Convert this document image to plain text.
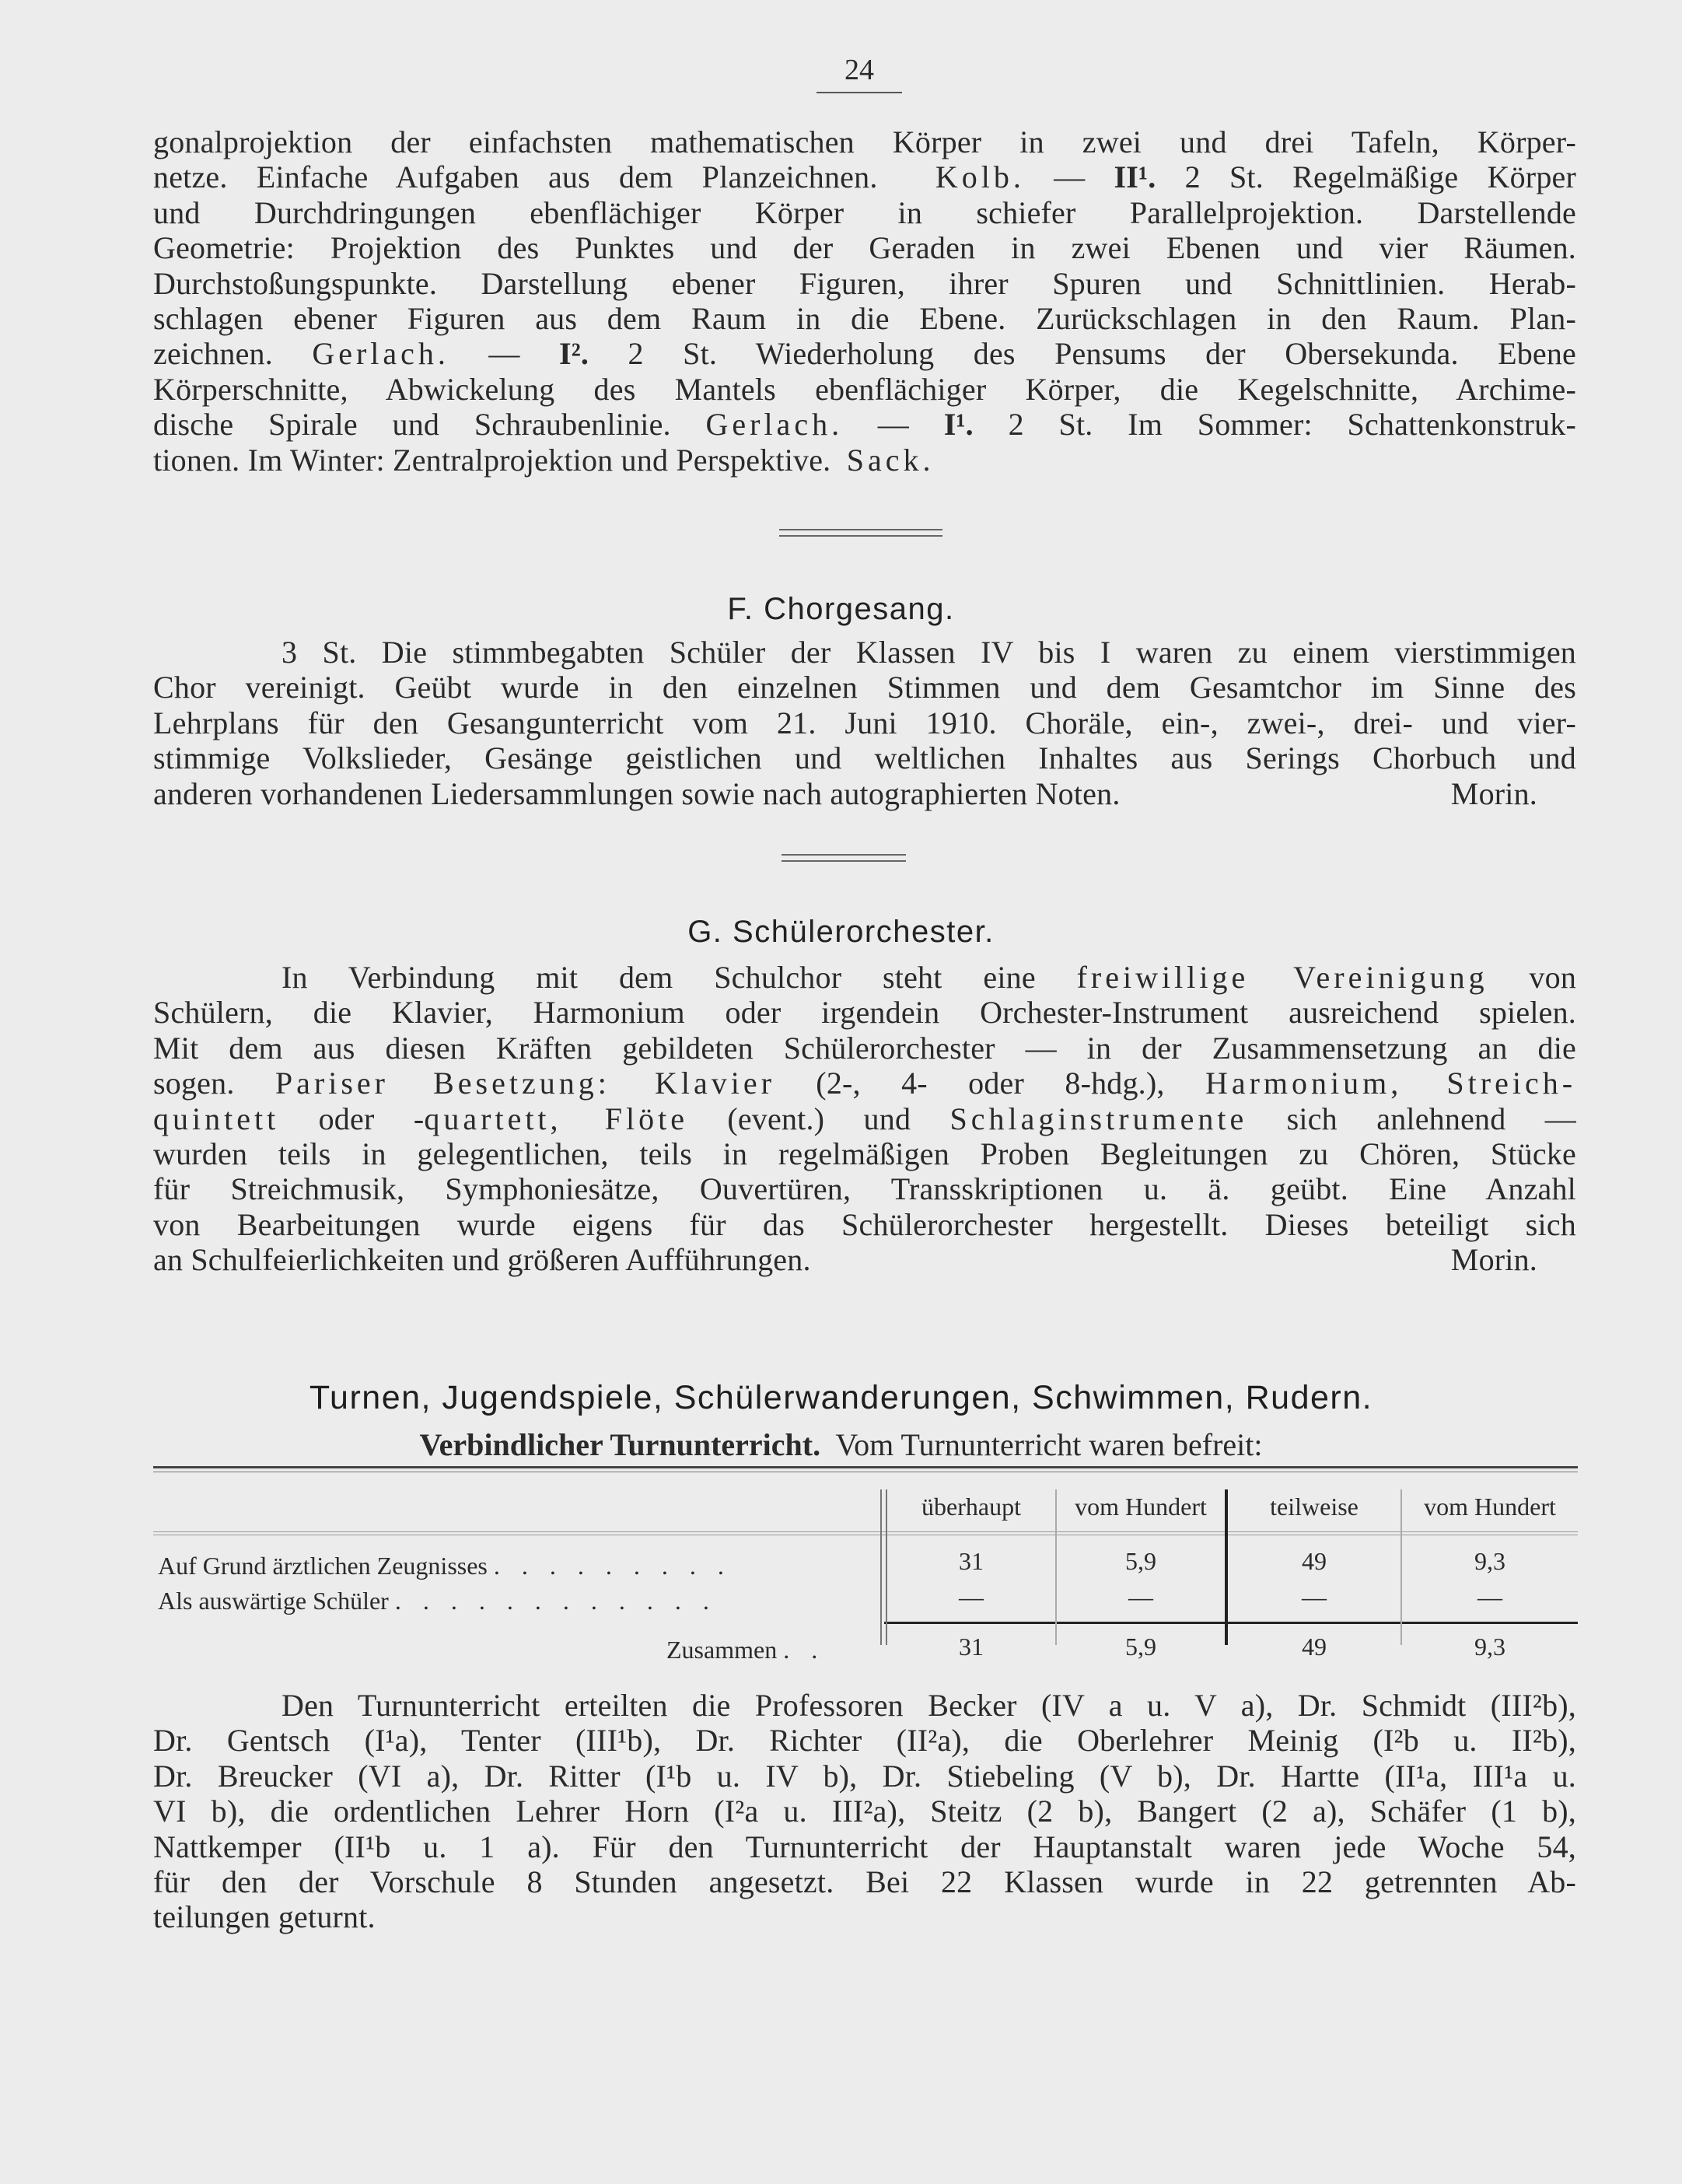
24
gonalprojektion der einfachsten mathematischen Körper in zwei und drei Tafeln, Körper-
netze. Einfache Aufgaben aus dem Planzeichnen. Kolb. — II¹. 2 St. Regelmäßige Körper
und Durchdringungen ebenflächiger Körper in schiefer Parallelprojektion. Darstellende
Geometrie: Projektion des Punktes und der Geraden in zwei Ebenen und vier Räumen.
Durchstoßungspunkte. Darstellung ebener Figuren, ihrer Spuren und Schnittlinien. Herab-
schlagen ebener Figuren aus dem Raum in die Ebene. Zurückschlagen in den Raum. Plan-
zeichnen. Gerlach. — I². 2 St. Wiederholung des Pensums der Obersekunda. Ebene
Körperschnitte, Abwickelung des Mantels ebenflächiger Körper, die Kegelschnitte, Archime-
dische Spirale und Schraubenlinie. Gerlach. — I¹. 2 St. Im Sommer: Schattenkonstruk-
tionen. Im Winter: Zentralprojektion und Perspektive. Sack.
F. Chorgesang.
3 St. Die stimmbegabten Schüler der Klassen IV bis I waren zu einem vierstimmigen
Chor vereinigt. Geübt wurde in den einzelnen Stimmen und dem Gesamtchor im Sinne des
Lehrplans für den Gesangunterricht vom 21. Juni 1910. Choräle, ein-, zwei-, drei- und vier-
stimmige Volkslieder, Gesänge geistlichen und weltlichen Inhaltes aus Serings Chorbuch und
anderen vorhandenen Liedersammlungen sowie nach autographierten Noten.	Morin.
G. Schülerorchester.
In Verbindung mit dem Schulchor steht eine freiwillige Vereinigung von
Schülern, die Klavier, Harmonium oder irgendein Orchester-Instrument ausreichend spielen.
Mit dem aus diesen Kräften gebildeten Schülerorchester — in der Zusammensetzung an die
sogen. Pariser Besetzung: Klavier (2-, 4- oder 8-hdg.), Harmonium, Streich-
quintett oder -quartett, Flöte (event.) und Schlaginstrumente sich anlehnend —
wurden teils in gelegentlichen, teils in regelmäßigen Proben Begleitungen zu Chören, Stücke
für Streichmusik, Symphoniesätze, Ouvertüren, Transskriptionen u. ä. geübt. Eine Anzahl
von Bearbeitungen wurde eigens für das Schülerorchester hergestellt. Dieses beteiligt sich
an Schulfeierlichkeiten und größeren Aufführungen.	Morin.
Turnen, Jugendspiele, Schülerwanderungen, Schwimmen, Rudern.
Verbindlicher Turnunterricht. Vom Turnunterricht waren befreit:
überhaupt	vom Hundert	teilweise	vom Hundert
Auf Grund ärztlichen Zeugnisses . . . . . . . . .	31	5,9	49	9,3
Als auswärtige Schüler . . . . . . . . . . . .	—	—	—	—
Zusammen . .	31	5,9	49	9,3
Den Turnunterricht erteilten die Professoren Becker (IV a u. V a), Dr. Schmidt (III²b),
Dr. Gentsch (I¹a), Tenter (III¹b), Dr. Richter (II²a), die Oberlehrer Meinig (I²b u. II²b),
Dr. Breucker (VI a), Dr. Ritter (I¹b u. IV b), Dr. Stiebeling (V b), Dr. Hartte (II¹a, III¹a u.
VI b), die ordentlichen Lehrer Horn (I²a u. III²a), Steitz (2 b), Bangert (2 a), Schäfer (1 b),
Nattkemper (II¹b u. 1 a). Für den Turnunterricht der Hauptanstalt waren jede Woche 54,
für den der Vorschule 8 Stunden angesetzt. Bei 22 Klassen wurde in 22 getrennten Ab-
teilungen geturnt.
